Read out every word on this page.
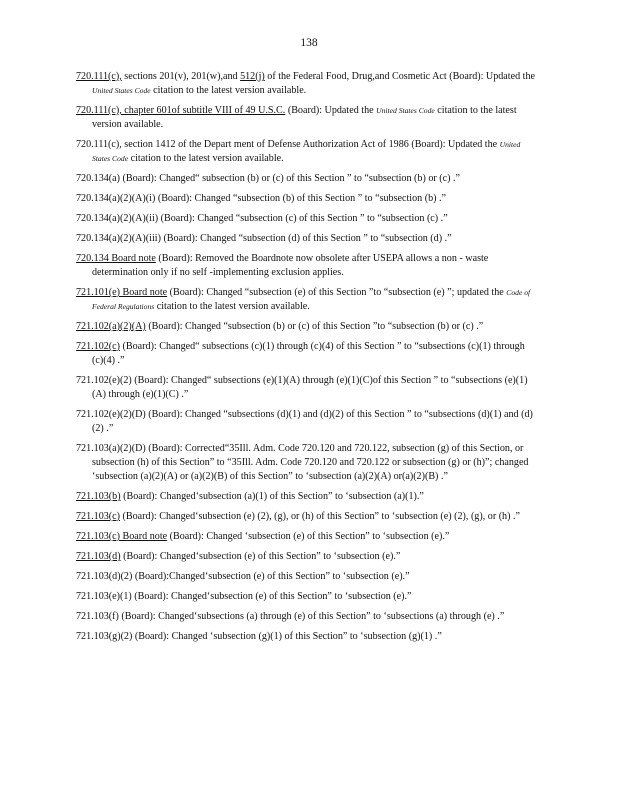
138
720.111(c), sections 201(v), 201(w),and 512(j) of the Federal Food, Drug,and Cosmetic Act (Board): Updated the United States Code citation to the latest version available.
720.111(c), chapter 601of subtitle VIII of 49 U.S.C. (Board): Updated the United States Code citation to the latest version available.
720.111(c), section 1412 of the Depart ment of Defense Authorization Act of 1986 (Board): Updated the United States Code citation to the latest version available.
720.134(a) (Board): Changed“ subsection (b) or (c) of this Section ” to “subsection (b) or (c) .”
720.134(a)(2)(A)(i) (Board): Changed “subsection (b) of this Section ” to “subsection (b) .”
720.134(a)(2)(A)(ii) (Board): Changed “subsection (c) of this Section ” to “subsection (c) .”
720.134(a)(2)(A)(iii) (Board): Changed “subsection (d) of this Section ” to “subsection (d) .”
720.134 Board note (Board): Removed the Boardnote now obsolete after USEPA allows a non - waste determination only if no self -implementing exclusion applies.
721.101(e) Board note (Board): Changed “subsection (e) of this Section ”to “subsection (e) ”; updated the Code of Federal Regulations citation to the latest version available.
721.102(a)(2)(A) (Board): Changed “subsection (b) or (c) of this Section ”to “subsection (b) or (c) .”
721.102(c) (Board): Changed“ subsections (c)(1) through (c)(4) of this Section ” to “subsections (c)(1) through (c)(4) .”
721.102(e)(2) (Board): Changed“ subsections (e)(1)(A) through (e)(1)(C)of this Section ” to “subsections (e)(1) (A) through (e)(1)(C) .”
721.102(e)(2)(D) (Board): Changed “subsections (d)(1) and (d)(2) of this Section ” to “subsections (d)(1) and (d)(2) .”
721.103(a)(2)(D) (Board): Corrected“35Ill. Adm. Code 720.120 and 720.122, subsection (g) of this Section, or subsection (h) of this Section” to “35Ill. Adm. Code 720.120 and 720.122 or subsection (g) or (h)”; changed ‘subsection (a)(2)(A) or (a)(2)(B) of this Section” to ‘subsection (a)(2)(A) or(a)(2)(B) .”
721.103(b) (Board): Changed‘subsection (a)(1) of this Section” to ‘subsection (a)(1).”
721.103(c) (Board): Changed‘subsection (e) (2), (g), or (h) of this Section” to ‘subsection (e) (2), (g), or (h) .”
721.103(c) Board note (Board): Changed ‘subsection (e) of this Section” to ‘subsection (e).”
721.103(d) (Board): Changed‘subsection (e) of this Section” to ‘subsection (e).”
721.103(d)(2) (Board):Changed‘subsection (e) of this Section” to ‘subsection (e).”
721.103(e)(1) (Board): Changed‘subsection (e) of this Section” to ‘subsection (e).”
721.103(f) (Board): Changed‘subsections (a) through (e) of this Section” to ‘subsections (a) through (e) .”
721.103(g)(2) (Board): Changed ‘subsection (g)(1) of this Section” to ‘subsection (g)(1) .”
